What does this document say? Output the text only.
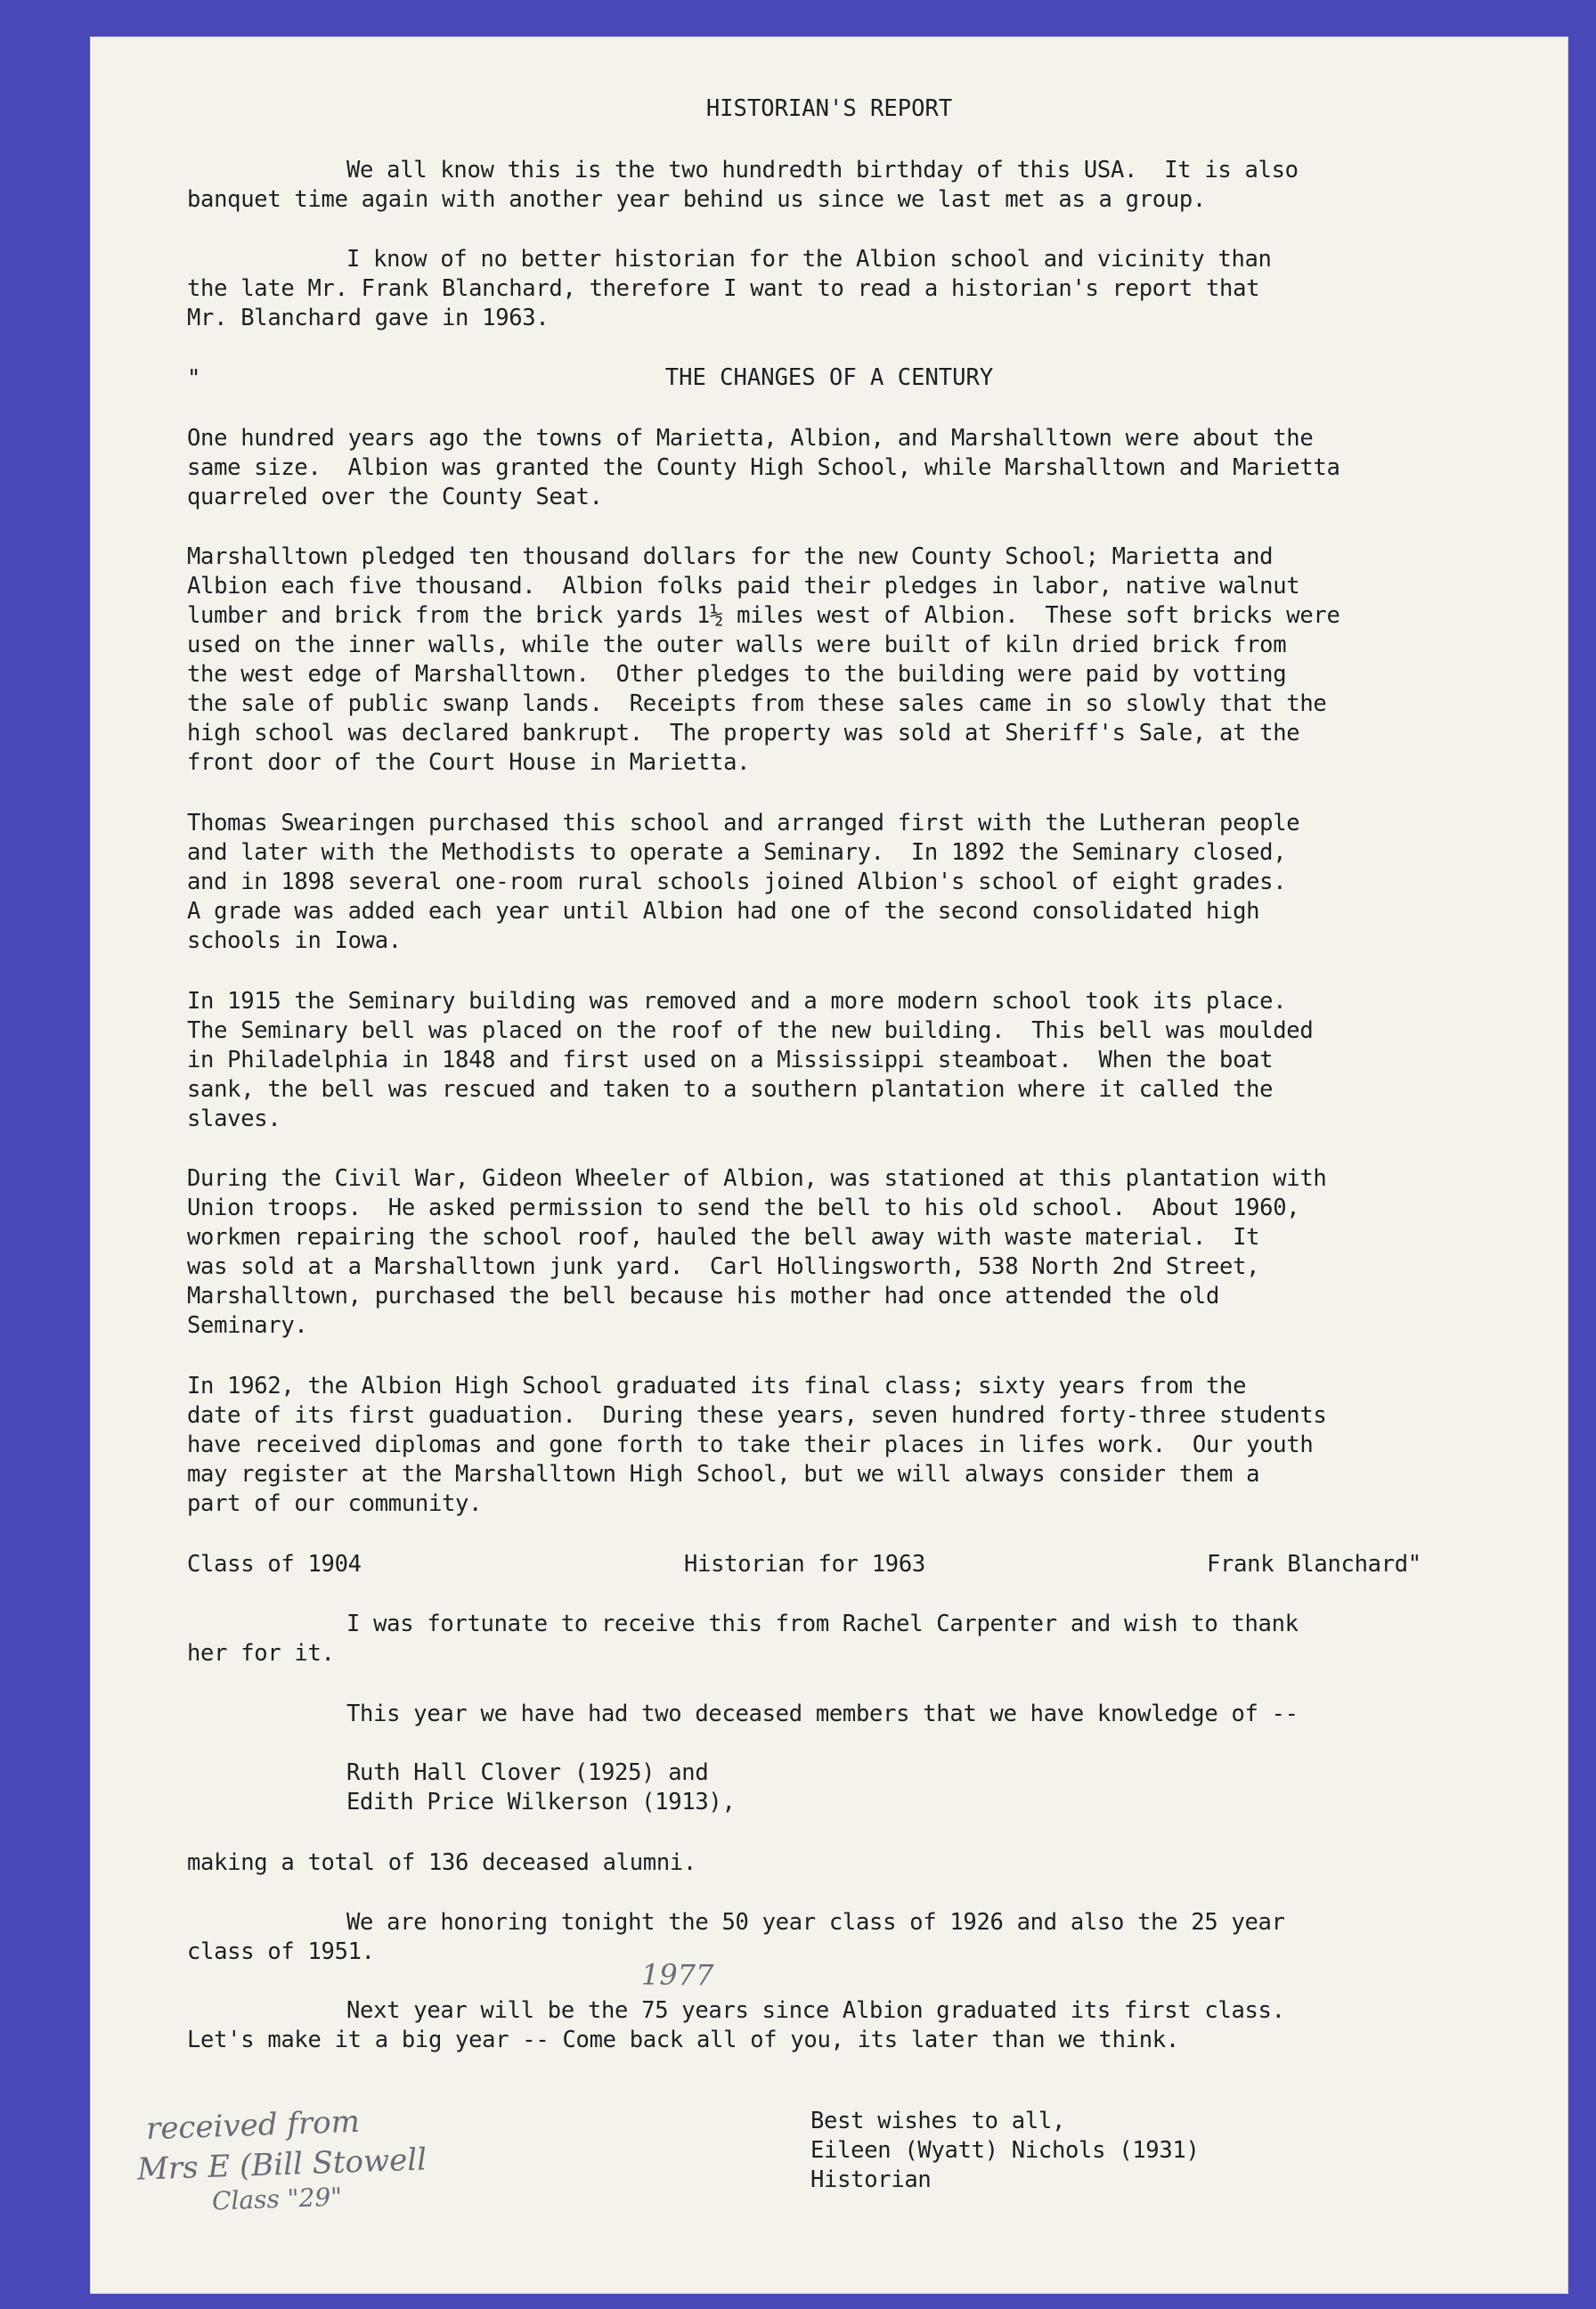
HISTORIAN'S REPORT
We all know this is the two hundredth birthday of this USA.  It is also
banquet time again with another year behind us since we last met as a group.
I know of no better historian for the Albion school and vicinity than
the late Mr. Frank Blanchard, therefore I want to read a historian's report that
Mr. Blanchard gave in 1963.
"	THE CHANGES OF A CENTURY
One hundred years ago the towns of Marietta, Albion, and Marshalltown were about the
same size.  Albion was granted the County High School, while Marshalltown and Marietta
quarreled over the County Seat.
Marshalltown pledged ten thousand dollars for the new County School; Marietta and
Albion each five thousand.  Albion folks paid their pledges in labor, native walnut
lumber and brick from the brick yards 1½ miles west of Albion.  These soft bricks were
used on the inner walls, while the outer walls were built of kiln dried brick from
the west edge of Marshalltown.  Other pledges to the building were paid by votting
the sale of public swanp lands.  Receipts from these sales came in so slowly that the
high school was declared bankrupt.  The property was sold at Sheriff's Sale, at the
front door of the Court House in Marietta.
Thomas Swearingen purchased this school and arranged first with the Lutheran people
and later with the Methodists to operate a Seminary.  In 1892 the Seminary closed,
and in 1898 several one-room rural schools joined Albion's school of eight grades.
A grade was added each year until Albion had one of the second consolidated high
schools in Iowa.
In 1915 the Seminary building was removed and a more modern school took its place.
The Seminary bell was placed on the roof of the new building.  This bell was moulded
in Philadelphia in 1848 and first used on a Mississippi steamboat.  When the boat
sank, the bell was rescued and taken to a southern plantation where it called the
slaves.
During the Civil War, Gideon Wheeler of Albion, was stationed at this plantation with
Union troops.  He asked permission to send the bell to his old school.  About 1960,
workmen repairing the school roof, hauled the bell away with waste material.  It
was sold at a Marshalltown junk yard.  Carl Hollingsworth, 538 North 2nd Street,
Marshalltown, purchased the bell because his mother had once attended the old
Seminary.
In 1962, the Albion High School graduated its final class; sixty years from the
date of its first guaduation.  During these years, seven hundred forty-three students
have received diplomas and gone forth to take their places in lifes work.  Our youth
may register at the Marshalltown High School, but we will always consider them a
part of our community.
Class of 1904	Historian for 1963	Frank Blanchard"
I was fortunate to receive this from Rachel Carpenter and wish to thank
her for it.
This year we have had two deceased members that we have knowledge of --
Ruth Hall Clover (1925) and
Edith Price Wilkerson (1913),
making a total of 136 deceased alumni.
We are honoring tonight the 50 year class of 1926 and also the 25 year
class of 1951.
1977
Next year will be the 75 years since Albion graduated its first class.
Let's make it a big year -- Come back all of you, its later than we think.
Best wishes to all,
Eileen (Wyatt) Nichols (1931)
Historian
received from
Mrs E (Bill Stowell
Class "29"
